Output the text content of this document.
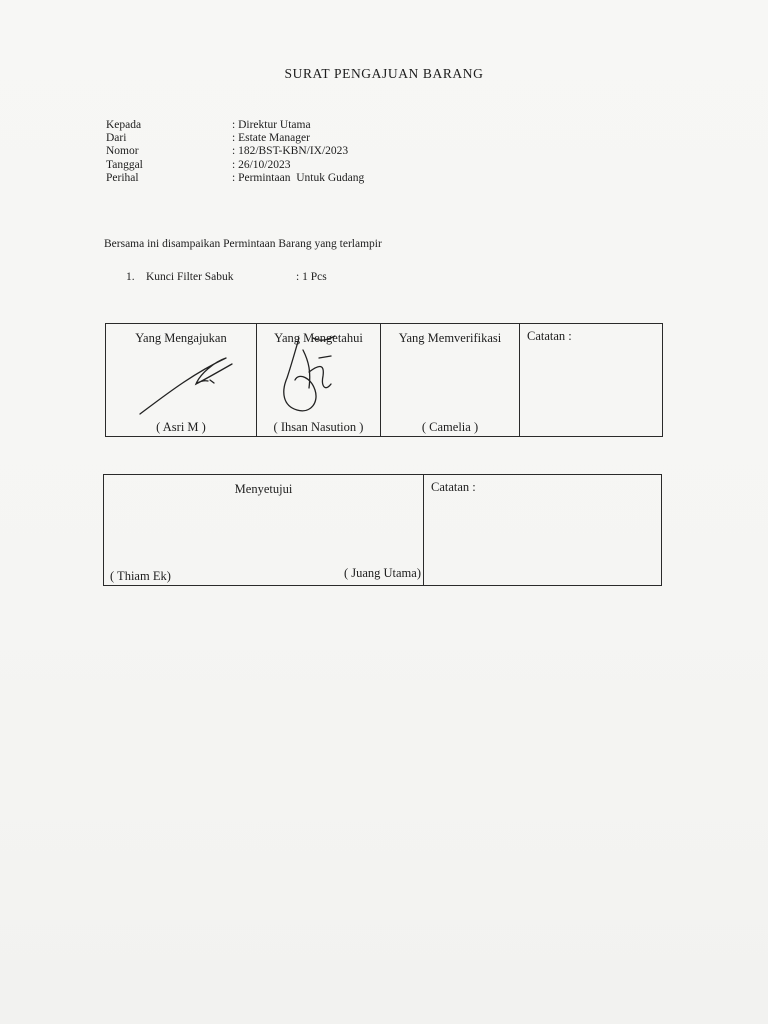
SURAT PENGAJUAN BARANG
Kepada	: Direktur Utama
Dari	: Estate Manager
Nomor	: 182/BST-KBN/IX/2023
Tanggal	: 26/10/2023
Perihal	: Permintaan  Untuk Gudang
Bersama ini disampaikan Permintaan Barang yang terlampir
1. Kunci Filter Sabuk	: 1 Pcs
Yang Mengajukan
( Asri M )
Yang Mengetahui
( Ihsan Nasution )
Yang Memverifikasi
( Camelia )
Catatan :
Menyetujui
( Thiam Ek)	( Juang Utama)
Catatan :
